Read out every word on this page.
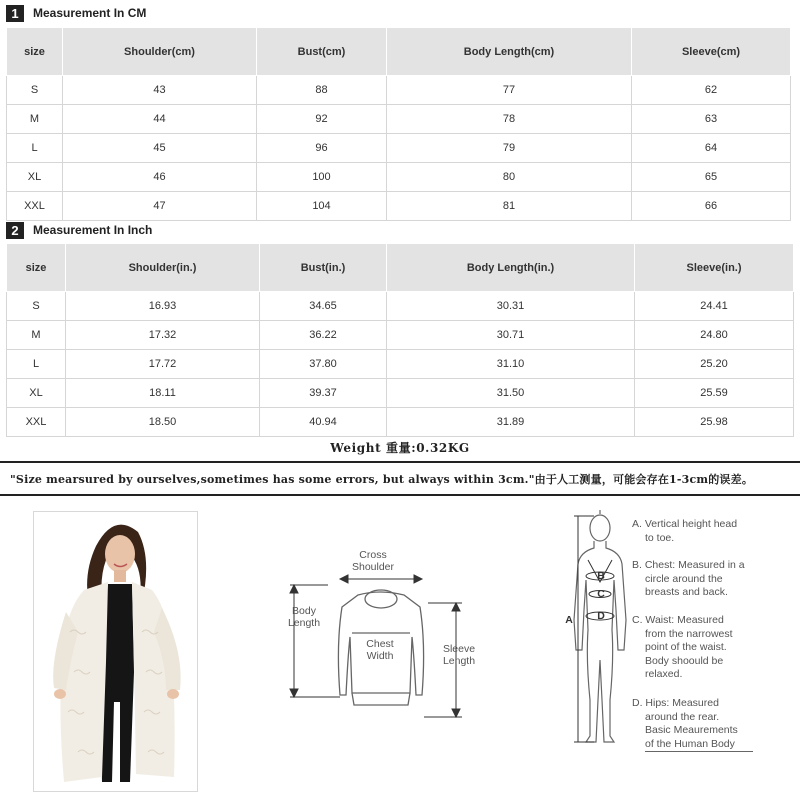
1	Measurement In CM
size	Shoulder(cm)	Bust(cm)	Body Length(cm)	Sleeve(cm)
S	43	88	77	62
M	44	92	78	63
L	45	96	79	64
XL	46	100	80	65
XXL	47	104	81	66
2	Measurement In Inch
size	Shoulder(in.)	Bust(in.)	Body Length(in.)	Sleeve(in.)
S	16.93	34.65	30.31	24.41
M	17.32	36.22	30.71	24.80
L	17.72	37.80	31.10	25.20
XL	18.11	39.37	31.50	25.59
XXL	18.50	40.94	31.89	25.98
Weight 重量:0.32KG
"Size mearsured by ourselves,sometimes has some errors, but always within 3cm."由于人工测量，可能会存在1-3cm的误差。
Cross
Shoulder
Body
Length
Chest
Width
Sleeve
Length
B
C
A D
A. Vertical height head
to toe.
B. Chest: Measured in a
circle around the
breasts and back.
C. Waist: Measured
from the narrowest
point of the waist.
Body shoould be
relaxed.
D. Hips: Measured
around the rear.
Basic Meaurements
of the Human Body
